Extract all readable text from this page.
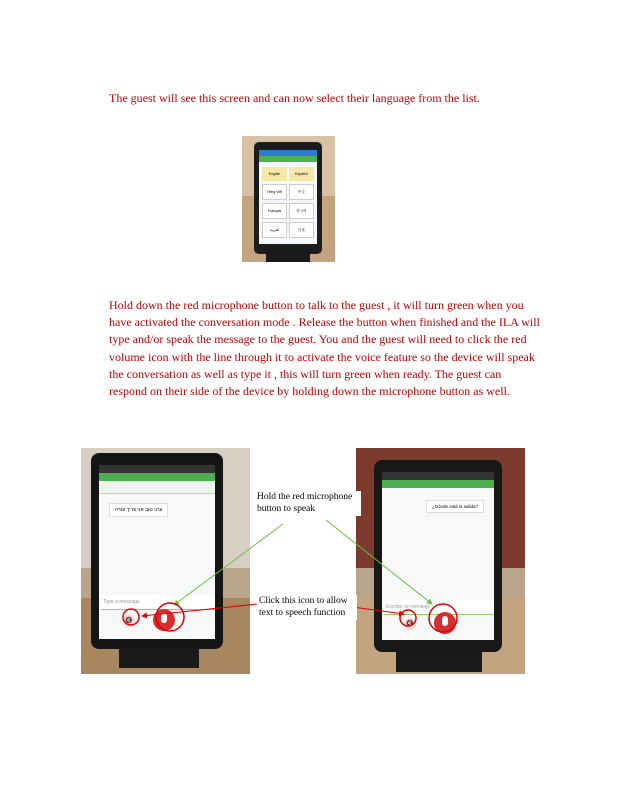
The guest will see this screen and can now select their language from the list.
English	Español
Tiếng Việt	中文
Français	한국어
العربية	日本
Hold down the red microphone button to talk to the guest , it will turn green when you
have activated the conversation mode . Release the button when finished and the ILA will
type and/or speak the message to the guest. You and the guest will need to click the red
volume icon with the line through it to activate the voice feature so the device will speak
the conversation as well as type it , this will turn green when ready. The guest can
respond on their side of the device by holding down the microphone button as well.
ערב טוב אני צריך עזרה
Type a message
🔇
¿Dónde está la salida?
Escribe un mensaje
🔇
Hold the red microphone button to speak
Click this icon to allow text to speech function
